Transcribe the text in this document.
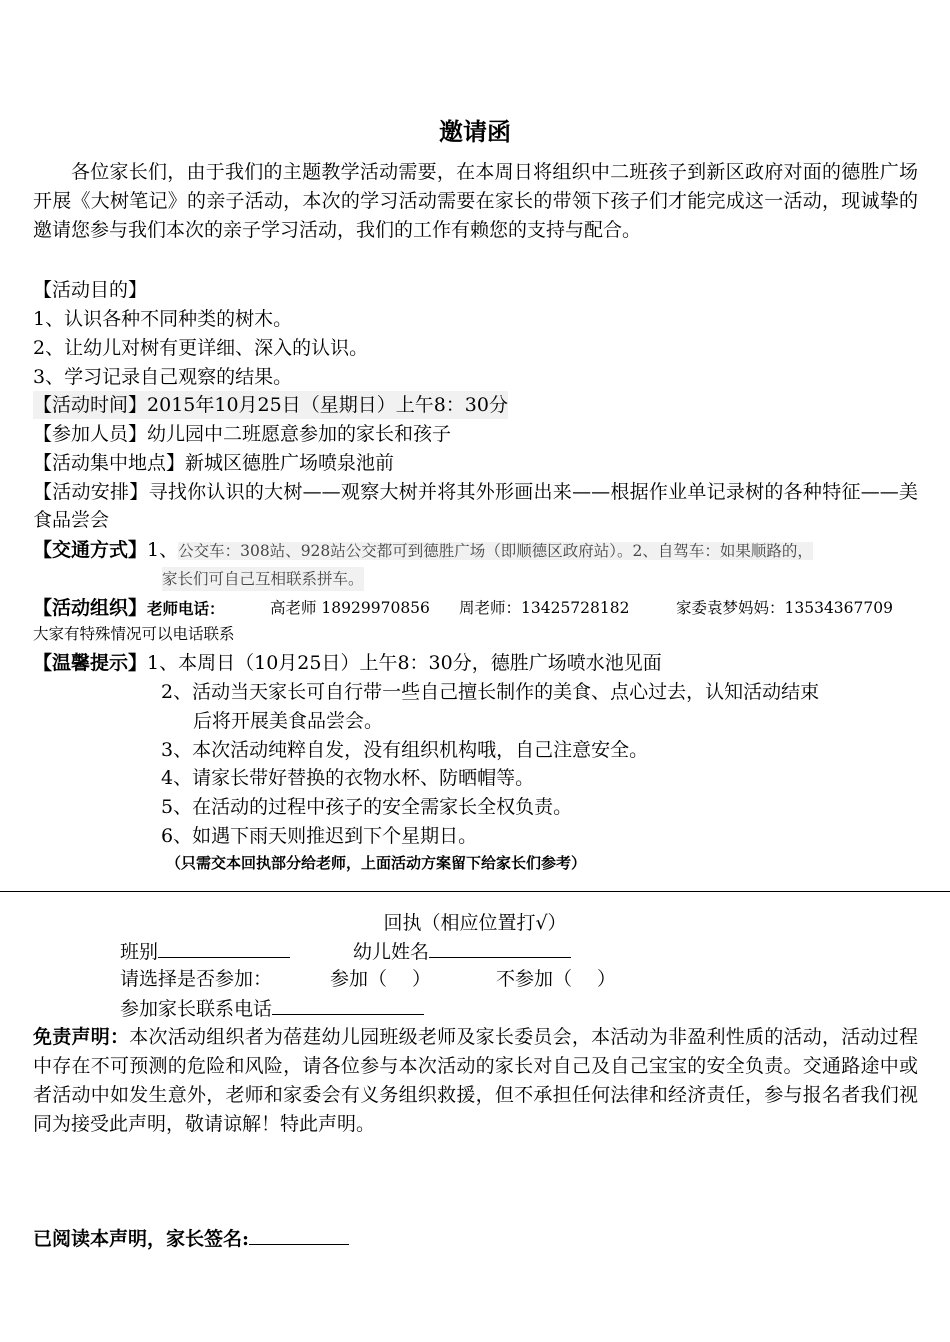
邀请函
各位家长们，由于我们的主题教学活动需要，在本周日将组织中二班孩子到新区政府对面的德胜广场开展《大树笔记》的亲子活动，本次的学习活动需要在家长的带领下孩子们才能完成这一活动，现诚挚的邀请您参与我们本次的亲子学习活动，我们的工作有赖您的支持与配合。
【活动目的】
1、认识各种不同种类的树木。
2、让幼儿对树有更详细、深入的认识。
3、学习记录自己观察的结果。
【活动时间】2015年10月25日（星期日）上午8：30分
【参加人员】幼儿园中二班愿意参加的家长和孩子
【活动集中地点】新城区德胜广场喷泉池前
【活动安排】寻找你认识的大树——观察大树并将其外形画出来——根据作业单记录树的各种特征——美食品尝会
【交通方式】1、公交车：308站、928站公交都可到德胜广场（即顺德区政府站）。2、自驾车：如果顺路的，
家长们可自己互相联系拼车。
【活动组织】老师电话：	高老师 18929970856 周老师：13425728182	家委袁梦妈妈：13534367709
大家有特殊情况可以电话联系
【温馨提示】1、本周日（10月25日）上午8：30分，德胜广场喷水池见面
2、活动当天家长可自行带一些自己擅长制作的美食、点心过去，认知活动结束
后将开展美食品尝会。
3、本次活动纯粹自发，没有组织机构哦，自己注意安全。
4、请家长带好替换的衣物水杯、防晒帽等。
5、在活动的过程中孩子的安全需家长全权负责。
6、如遇下雨天则推迟到下个星期日。
（只需交本回执部分给老师，上面活动方案留下给家长们参考）
回执（相应位置打√）
班别	幼儿姓名
请选择是否参加：	参加（　 ）	不参加（　 ）
参加家长联系电话
免责声明：本次活动组织者为蓓莛幼儿园班级老师及家长委员会，本活动为非盈利性质的活动，活动过程中存在不可预测的危险和风险，请各位参与本次活动的家长对自己及自己宝宝的安全负责。交通路途中或者活动中如发生意外，老师和家委会有义务组织救援，但不承担任何法律和经济责任，参与报名者我们视同为接受此声明，敬请谅解！特此声明。
已阅读本声明，家长签名:
